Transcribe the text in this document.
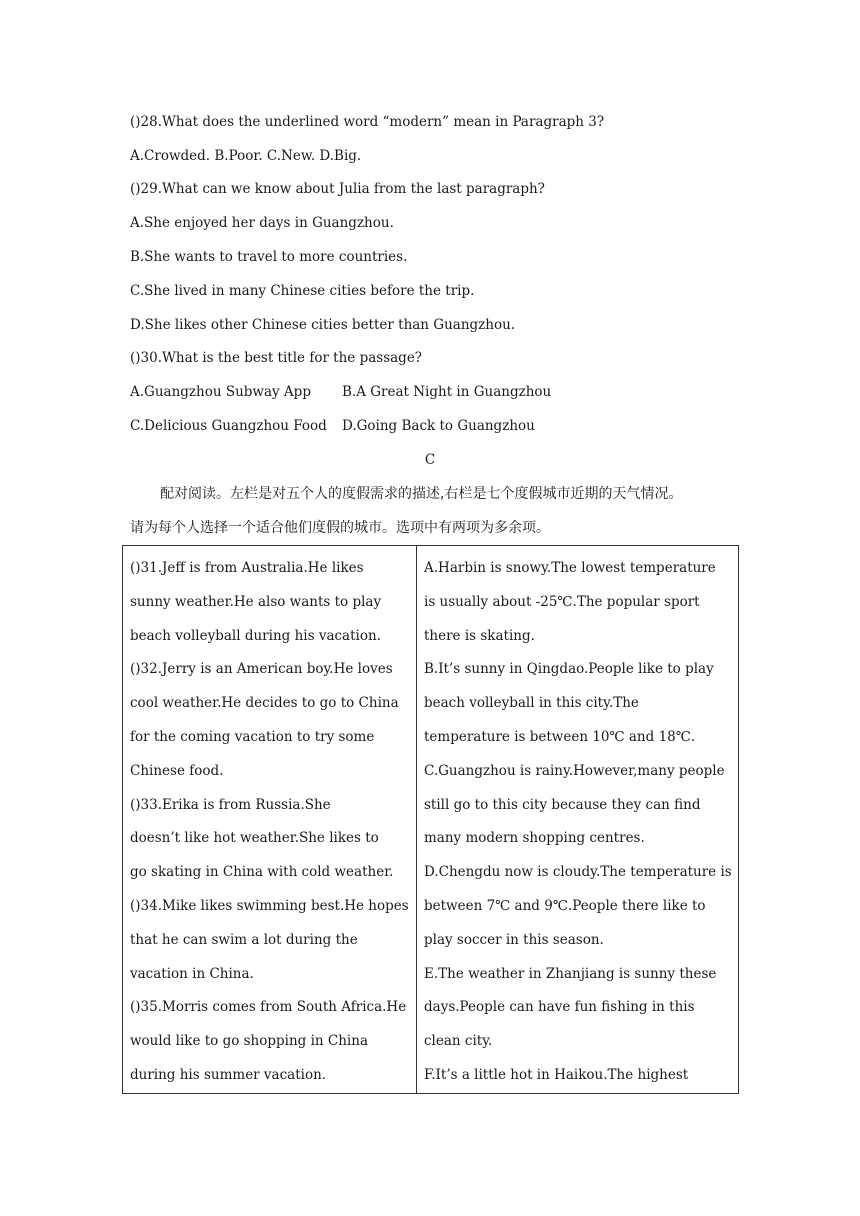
()28.What does the underlined word “modern” mean in Paragraph 3?
A.Crowded. B.Poor. C.New. D.Big.
()29.What can we know about Julia from the last paragraph?
A.She enjoyed her days in Guangzhou.
B.She wants to travel to more countries.
C.She lived in many Chinese cities before the trip.
D.She likes other Chinese cities better than Guangzhou.
()30.What is the best title for the passage?
A.Guangzhou Subway App B.A Great Night in Guangzhou
C.Delicious Guangzhou Food D.Going Back to Guangzhou
C
配对阅读。左栏是对五个人的度假需求的描述,右栏是七个度假城市近期的天气情况。
请为每个人选择一个适合他们度假的城市。选项中有两项为多余项。
()31.Jeff is from Australia.He likes
sunny weather.He also wants to play
beach volleyball during his vacation.
()32.Jerry is an American boy.He loves
cool weather.He decides to go to China
for the coming vacation to try some
Chinese food.
()33.Erika is from Russia.She
doesn’t like hot weather.She likes to
go skating in China with cold weather.
()34.Mike likes swimming best.He hopes
that he can swim a lot during the
vacation in China.
()35.Morris comes from South Africa.He
would like to go shopping in China
during his summer vacation.

A.Harbin is snowy.The lowest temperature
is usually about -25℃.The popular sport
there is skating.
B.It’s sunny in Qingdao.People like to play
beach volleyball in this city.The
temperature is between 10℃ and 18℃.
C.Guangzhou is rainy.However,many people
still go to this city because they can find
many modern shopping centres.
D.Chengdu now is cloudy.The temperature is
between 7℃ and 9℃.People there like to
play soccer in this season.
E.The weather in Zhanjiang is sunny these
days.People can have fun fishing in this
clean city.
F.It’s a little hot in Haikou.The highest
